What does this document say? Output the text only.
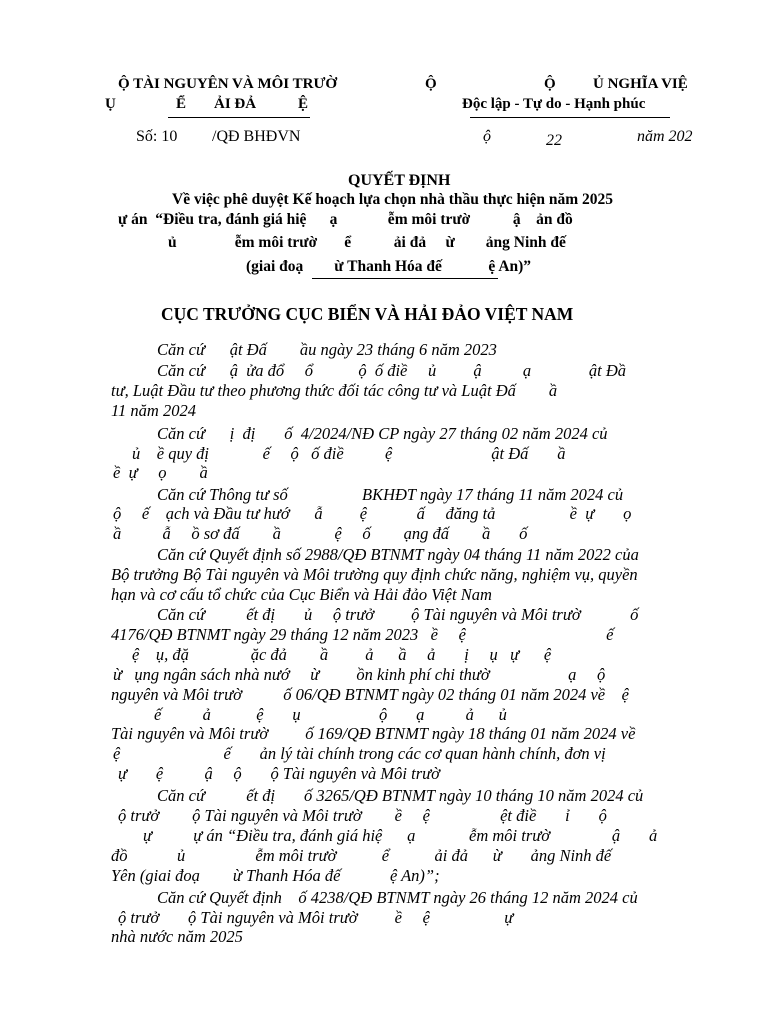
Ộ TÀI NGUYÊN VÀ MÔI TRƯỜ
Ụ	Ể ẢI ĐẢ	Ệ
Ộ	Ộ Ủ NGHĨA VIỆ
Độc lập - Tự do - Hạnh phúc
Số: 10 /QĐ BHĐVN	ộ	22	năm 202
QUYẾT ĐỊNH
Về việc phê duyệt Kế hoạch lựa chọn nhà thầu thực hiện năm 2025
ự án  “Điều tra, đánh giá hiệ      ạ             ễm môi trườ           ậ    ản đồ
ủ               ễm môi trườ       ể           ải đả     ừ        ảng Ninh đế
(giai đoạ        ừ Thanh Hóa đế            ệ An)”
CỤC TRƯỞNG CỤC BIỂN VÀ HẢI ĐẢO VIỆT NAM
Căn cứ      ật Đấ        ầu ngày 23 tháng 6 năm 2023
Căn cứ      ậ  ửa đổ     ổ           ộ  ố điề     ủ         ậ          ạ              ật Đầ
tư, Luật Đầu tư theo phương thức đối tác công tư và Luật Đấ        ầ
11 năm 2024
Căn cứ      ị  đị       ố  4/2024/NĐ CP ngày 27 tháng 02 năm 2024 củ
ủ    ề quy đị             ế     ộ   ố điề          ệ                        ật Đấ       ầ
ề  ự     ọ        ầ
Căn cứ Thông tư số                  BKHĐT ngày 17 tháng 11 năm 2024 củ
ộ     ế    ạch và Đầu tư hướ      ẫ         ệ            ấ     đăng tả                  ề  ự       ọ
ầ          ẫ     ồ sơ đấ        ầ             ệ     ố        ạng đấ        ầ       ố
Căn cứ Quyết định số 2988/QĐ BTNMT ngày 04 tháng 11 năm 2022 của
Bộ trưởng Bộ Tài nguyên và Môi trường quy định chức năng, nghiệm vụ, quyền
hạn và cơ cấu tổ chức của Cục Biển và Hải đảo Việt Nam
Căn cứ          ết đị       ủ     ộ trưở         ộ Tài nguyên và Môi trườ            ố
4176/QĐ BTNMT ngày 29 tháng 12 năm 2023   ề     ệ                                  ế
ệ    ụ, đặ               ặc đả        ầ         ả      ầ     ả       ị     ụ   ự      ệ
ừ   ụng ngân sách nhà nướ     ừ         ồn kinh phí chi thườ                   ạ     ộ
nguyên và Môi trườ          ố 06/QĐ BTNMT ngày 02 tháng 01 năm 2024 về    ệ
ế          ả           ệ       ụ                   ộ       ạ          ả      ủ
Tài nguyên và Môi trườ         ố 169/QĐ BTNMT ngày 18 tháng 01 năm 2024 về
ệ                         ế       ản lý tài chính trong các cơ quan hành chính, đơn vị
ự       ệ          ậ     ộ       ộ Tài nguyên và Môi trườ
Căn cứ          ết đị       ố 3265/QĐ BTNMT ngày 10 tháng 10 năm 2024 củ
ộ trưở        ộ Tài nguyên và Môi trườ        ề     ệ                 ệt điề       ỉ       ộ
ự          ự án “Điều tra, đánh giá hiệ      ạ             ễm môi trườ               ậ       ả
đồ            ủ                 ễm môi trườ           ể           ải đả      ừ       ảng Ninh đế
Yên (giai đoạ        ừ Thanh Hóa đế            ệ An)”;
Căn cứ Quyết định    ố 4238/QĐ BTNMT ngày 26 tháng 12 năm 2024 củ
ộ trưở       ộ Tài nguyên và Môi trườ         ề     ệ                  ự
nhà nước năm 2025
